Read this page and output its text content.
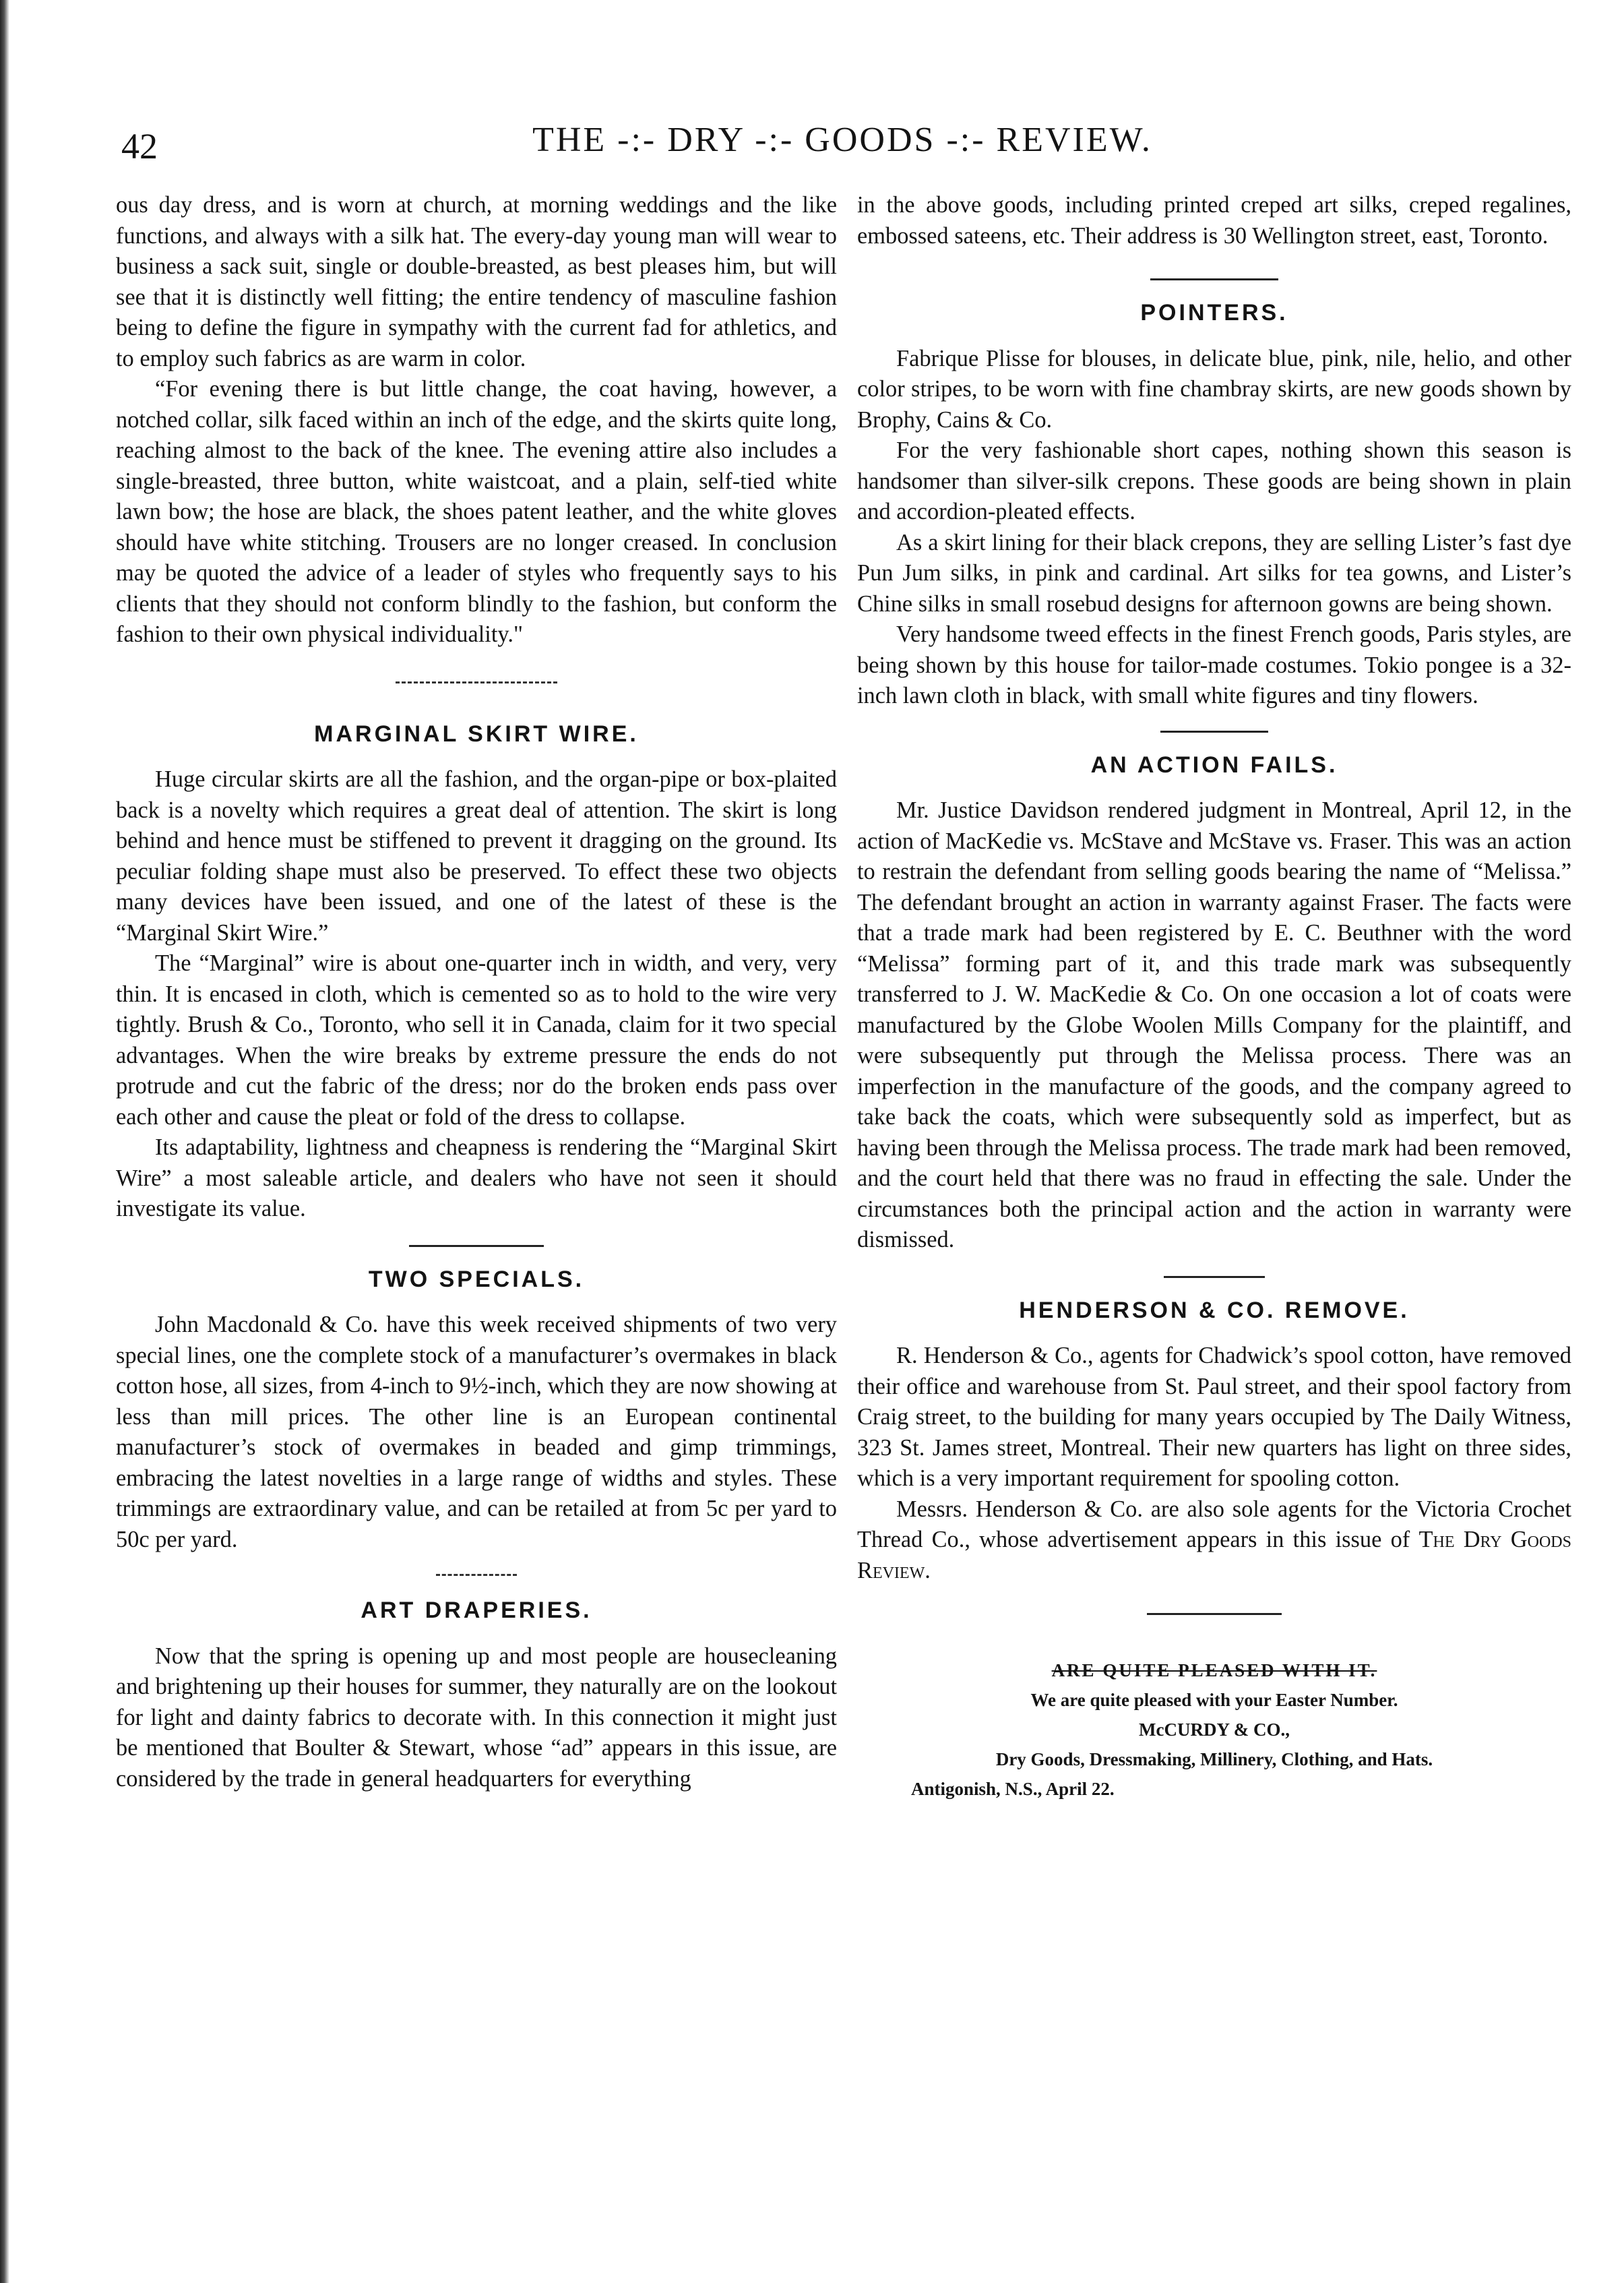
42	THE -:- DRY -:- GOODS -:- REVIEW.

ous day dress, and is worn at church, at morning weddings and the like functions, and always with a silk hat. The every-day young man will wear to business a sack suit, single or double-breasted, as best pleases him, but will see that it is distinctly well fitting; the entire tendency of masculine fashion being to define the figure in sympathy with the current fad for athletics, and to employ such fabrics as are warm in color.

“For evening there is but little change, the coat having, however, a notched collar, silk faced within an inch of the edge, and the skirts quite long, reaching almost to the back of the knee. The evening attire also includes a single-breasted, three button, white waistcoat, and a plain, self-tied white lawn bow; the hose are black, the shoes patent leather, and the white gloves should have white stitching. Trousers are no longer creased. In conclusion may be quoted the advice of a leader of styles who frequently says to his clients that they should not conform blindly to the fashion, but conform the fashion to their own physical individuality."

MARGINAL SKIRT WIRE.

Huge circular skirts are all the fashion, and the organ-pipe or box-plaited back is a novelty which requires a great deal of attention. The skirt is long behind and hence must be stiffened to prevent it dragging on the ground. Its peculiar folding shape must also be preserved. To effect these two objects many devices have been issued, and one of the latest of these is the “Marginal Skirt Wire.”

The “Marginal” wire is about one-quarter inch in width, and very, very thin. It is encased in cloth, which is cemented so as to hold to the wire very tightly. Brush & Co., Toronto, who sell it in Canada, claim for it two special advantages. When the wire breaks by extreme pressure the ends do not protrude and cut the fabric of the dress; nor do the broken ends pass over each other and cause the pleat or fold of the dress to collapse.

Its adaptability, lightness and cheapness is rendering the “Marginal Skirt Wire” a most saleable article, and dealers who have not seen it should investigate its value.

TWO SPECIALS.

John Macdonald & Co. have this week received shipments of two very special lines, one the complete stock of a manufacturer’s overmakes in black cotton hose, all sizes, from 4-inch to 9½-inch, which they are now showing at less than mill prices. The other line is an European continental manufacturer’s stock of overmakes in beaded and gimp trimmings, embracing the latest novelties in a large range of widths and styles. These trimmings are extraordinary value, and can be retailed at from 5c per yard to 50c per yard.

ART DRAPERIES.

Now that the spring is opening up and most people are housecleaning and brightening up their houses for summer, they naturally are on the lookout for light and dainty fabrics to decorate with. In this connection it might just be mentioned that Boulter & Stewart, whose “ad” appears in this issue, are considered by the trade in general headquarters for everything

in the above goods, including printed creped art silks, creped regalines, embossed sateens, etc. Their address is 30 Wellington street, east, Toronto.

POINTERS.

Fabrique Plisse for blouses, in delicate blue, pink, nile, helio, and other color stripes, to be worn with fine chambray skirts, are new goods shown by Brophy, Cains & Co.

For the very fashionable short capes, nothing shown this season is handsomer than silver-silk crepons. These goods are being shown in plain and accordion-pleated effects.

As a skirt lining for their black crepons, they are selling Lister’s fast dye Pun Jum silks, in pink and cardinal. Art silks for tea gowns, and Lister’s Chine silks in small rosebud designs for afternoon gowns are being shown.

Very handsome tweed effects in the finest French goods, Paris styles, are being shown by this house for tailor-made costumes. Tokio pongee is a 32-inch lawn cloth in black, with small white figures and tiny flowers.

AN ACTION FAILS.

Mr. Justice Davidson rendered judgment in Montreal, April 12, in the action of MacKedie vs. McStave and McStave vs. Fraser. This was an action to restrain the defendant from selling goods bearing the name of “Melissa.” The defendant brought an action in warranty against Fraser. The facts were that a trade mark had been registered by E. C. Beuthner with the word “Melissa” forming part of it, and this trade mark was subsequently transferred to J. W. MacKedie & Co. On one occasion a lot of coats were manufactured by the Globe Woolen Mills Company for the plaintiff, and were subsequently put through the Melissa process. There was an imperfection in the manufacture of the goods, and the company agreed to take back the coats, which were subsequently sold as imperfect, but as having been through the Melissa process. The trade mark had been removed, and the court held that there was no fraud in effecting the sale. Under the circumstances both the principal action and the action in warranty were dismissed.

HENDERSON & CO. REMOVE.

R. Henderson & Co., agents for Chadwick’s spool cotton, have removed their office and warehouse from St. Paul street, and their spool factory from Craig street, to the building for many years occupied by The Daily Witness, 323 St. James street, Montreal. Their new quarters has light on three sides, which is a very important requirement for spooling cotton.

Messrs. Henderson & Co. are also sole agents for the Victoria Crochet Thread Co., whose advertisement appears in this issue of The Dry Goods Review.

ARE QUITE PLEASED WITH IT.
We are quite pleased with your Easter Number.
McCURDY & CO.,
Dry Goods, Dressmaking, Millinery, Clothing, and Hats.
Antigonish, N.S., April 22.
